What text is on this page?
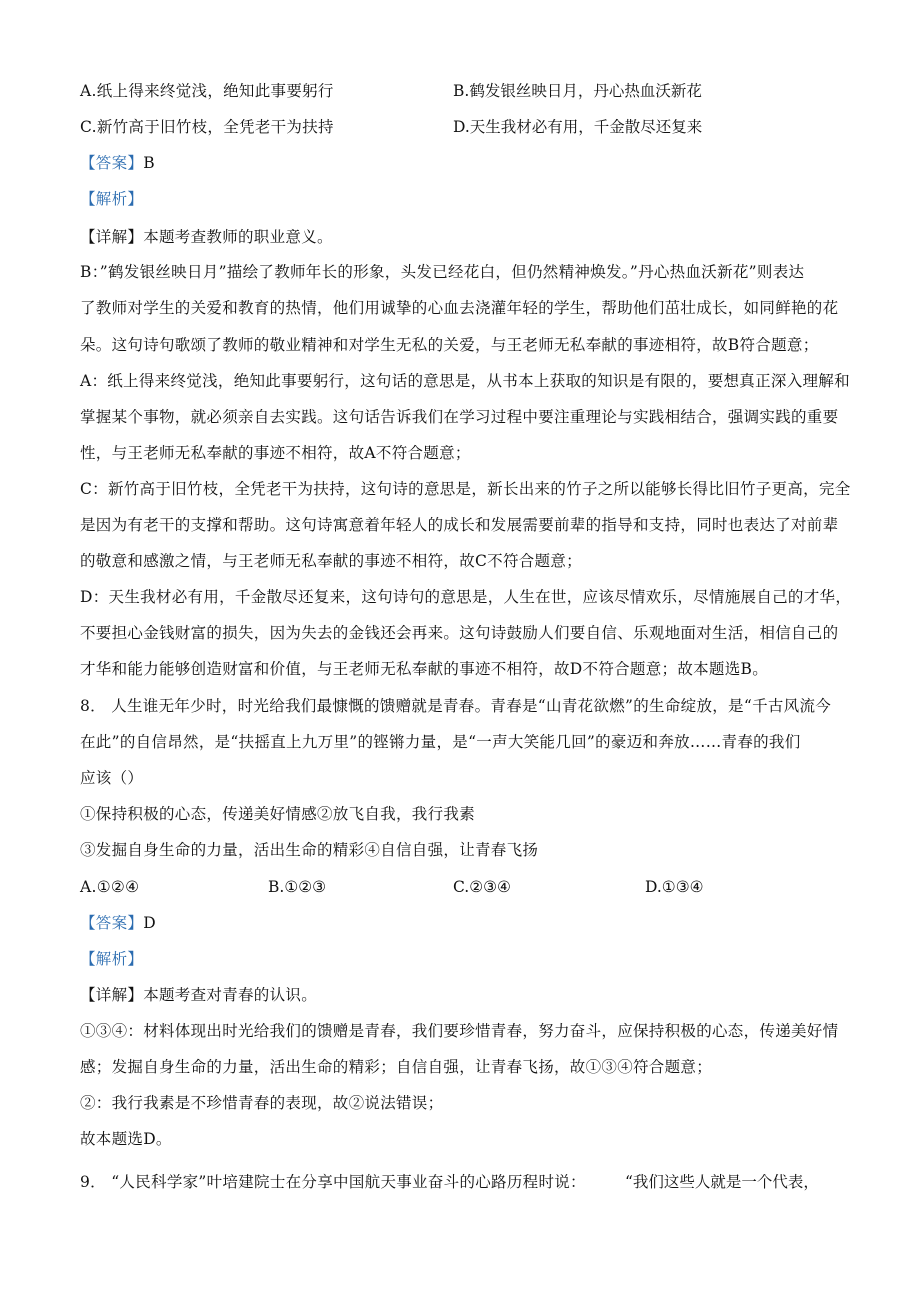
A.纸上得来终觉浅，绝知此事要躬行	B.鹤发银丝映日月，丹心热血沃新花
C.新竹高于旧竹枝，全凭老干为扶持	D.天生我材必有用，千金散尽还复来
【答案】B
【解析】
【详解】本题考查教师的职业意义。
B：”鹤发银丝映日月”描绘了教师年长的形象，头发已经花白，但仍然精神焕发。”丹心热血沃新花”则表达
了教师对学生的关爱和教育的热情，他们用诚挚的心血去浇灌年轻的学生，帮助他们茁壮成长，如同鲜艳的花
朵。这句诗句歌颂了教师的敬业精神和对学生无私的关爱，与王老师无私奉献的事迹相符，故B符合题意；
A：纸上得来终觉浅，绝知此事要躬行，这句话的意思是，从书本上获取的知识是有限的，要想真正深入理解和
掌握某个事物，就必须亲自去实践。这句话告诉我们在学习过程中要注重理论与实践相结合，强调实践的重要
性，与王老师无私奉献的事迹不相符，故A不符合题意；
C：新竹高于旧竹枝，全凭老干为扶持，这句诗的意思是，新长出来的竹子之所以能够长得比旧竹子更高，完全
是因为有老干的支撑和帮助。这句诗寓意着年轻人的成长和发展需要前辈的指导和支持，同时也表达了对前辈
的敬意和感激之情，与王老师无私奉献的事迹不相符，故C不符合题意；
D：天生我材必有用，千金散尽还复来，这句诗句的意思是，人生在世，应该尽情欢乐，尽情施展自己的才华，
不要担心金钱财富的损失，因为失去的金钱还会再来。这句诗鼓励人们要自信、乐观地面对生活，相信自己的
才华和能力能够创造财富和价值，与王老师无私奉献的事迹不相符，故D不符合题意；故本题选B。
8． 人生谁无年少时，时光给我们最慷慨的馈赠就是青春。青春是“山青花欲燃”的生命绽放，是“千古风流今
在此”的自信昂然，是“扶摇直上九万里”的铿锵力量，是“一声大笑能几回”的豪迈和奔放……青春的我们
应该（）
①保持积极的心态，传递美好情感②放飞自我，我行我素
③发掘自身生命的力量，活出生命的精彩④自信自强，让青春飞扬
A.①②④	B.①②③	C.②③④	D.①③④
【答案】D
【解析】
【详解】本题考查对青春的认识。
①③④：材料体现出时光给我们的馈赠是青春，我们要珍惜青春，努力奋斗，应保持积极的心态，传递美好情
感；发掘自身生命的力量，活出生命的精彩；自信自强，让青春飞扬，故①③④符合题意；
②：我行我素是不珍惜青春的表现，故②说法错误；
故本题选D。
9． “人民科学家”叶培建院士在分享中国航天事业奋斗的心路历程时说：	“我们这些人就是一个代表，
